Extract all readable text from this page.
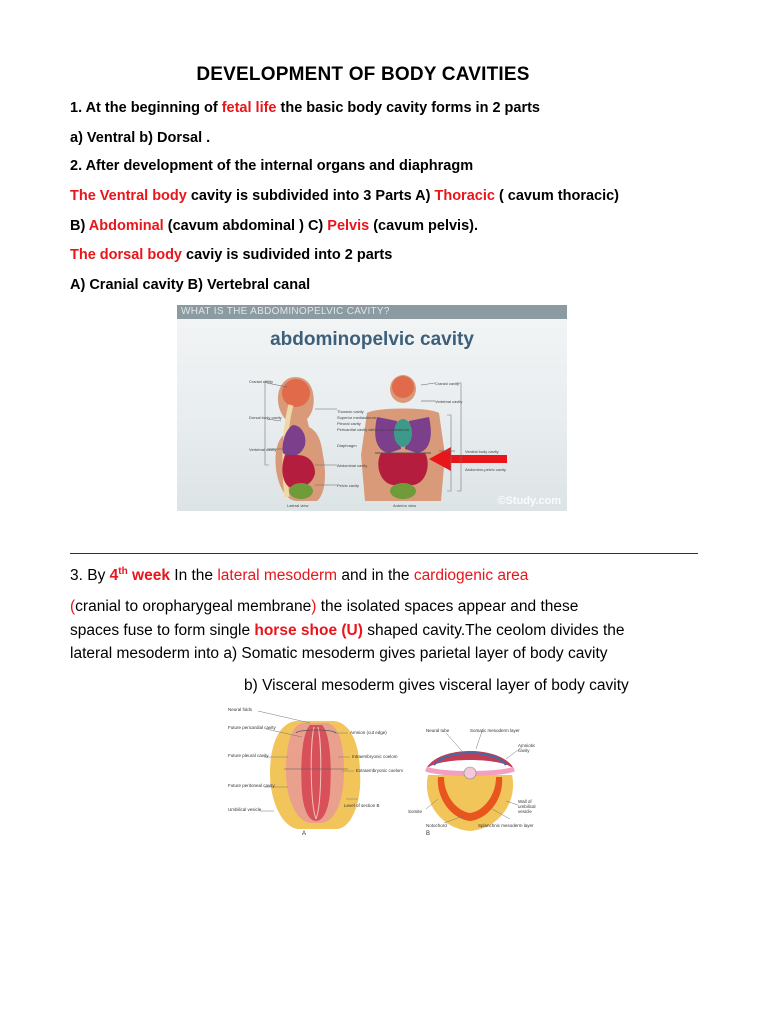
DEVELOPMENT OF BODY CAVITIES
1. At the beginning of fetal life the basic body cavity forms in 2 parts
a) Ventral b) Dorsal .
2. After development of the internal organs and diaphragm
The Ventral body cavity is subdivided into 3 Parts A) Thoracic ( cavum thoracic)
B) Abdominal (cavum abdominal ) C) Pelvis (cavum pelvis).
The dorsal body caviy is sudivided into 2 parts
A) Cranial cavity B) Vertebral canal
WHAT IS THE ABDOMINOPELVIC CAVITY?
abdominopelvic cavity
Cranial cavity
Dorsal body cavity
Vertebral cavity
Thoracic cavity
Superior mediastinum
Pleural cavity
Pericardial cavity within the mediastinum
Diaphragm
Abdominal cavity
Pelvic cavity
Cranial cavity
Vertebral cavity
Ventral body cavity
Abdomino-pelvic cavity
Lateral view	Anterior view	©Study.com
3. By 4th week In the lateral mesoderm and in the cardiogenic area
(cranial to oropharygeal membrane) the isolated spaces appear and these
spaces fuse to form single horse shoe (U) shaped cavity.The ceolom divides the
lateral mesoderm into a) Somatic mesoderm gives parietal layer of body cavity
b) Visceral mesoderm gives visceral layer of body cavity
Neural folds
Future pericardial cavity
Future pleural cavity
Future peritoneal cavity
Umbilical vesicle
Amnion (cut edge)
Intraembryonic coelom
Extraembryonic coelom
Level of section B
Neural tube	Somatic mesoderm layer
Amniotic cavity
Somite
Notochord	Splanchnic mesoderm layer
Wall of umbilical vesicle
A	B
